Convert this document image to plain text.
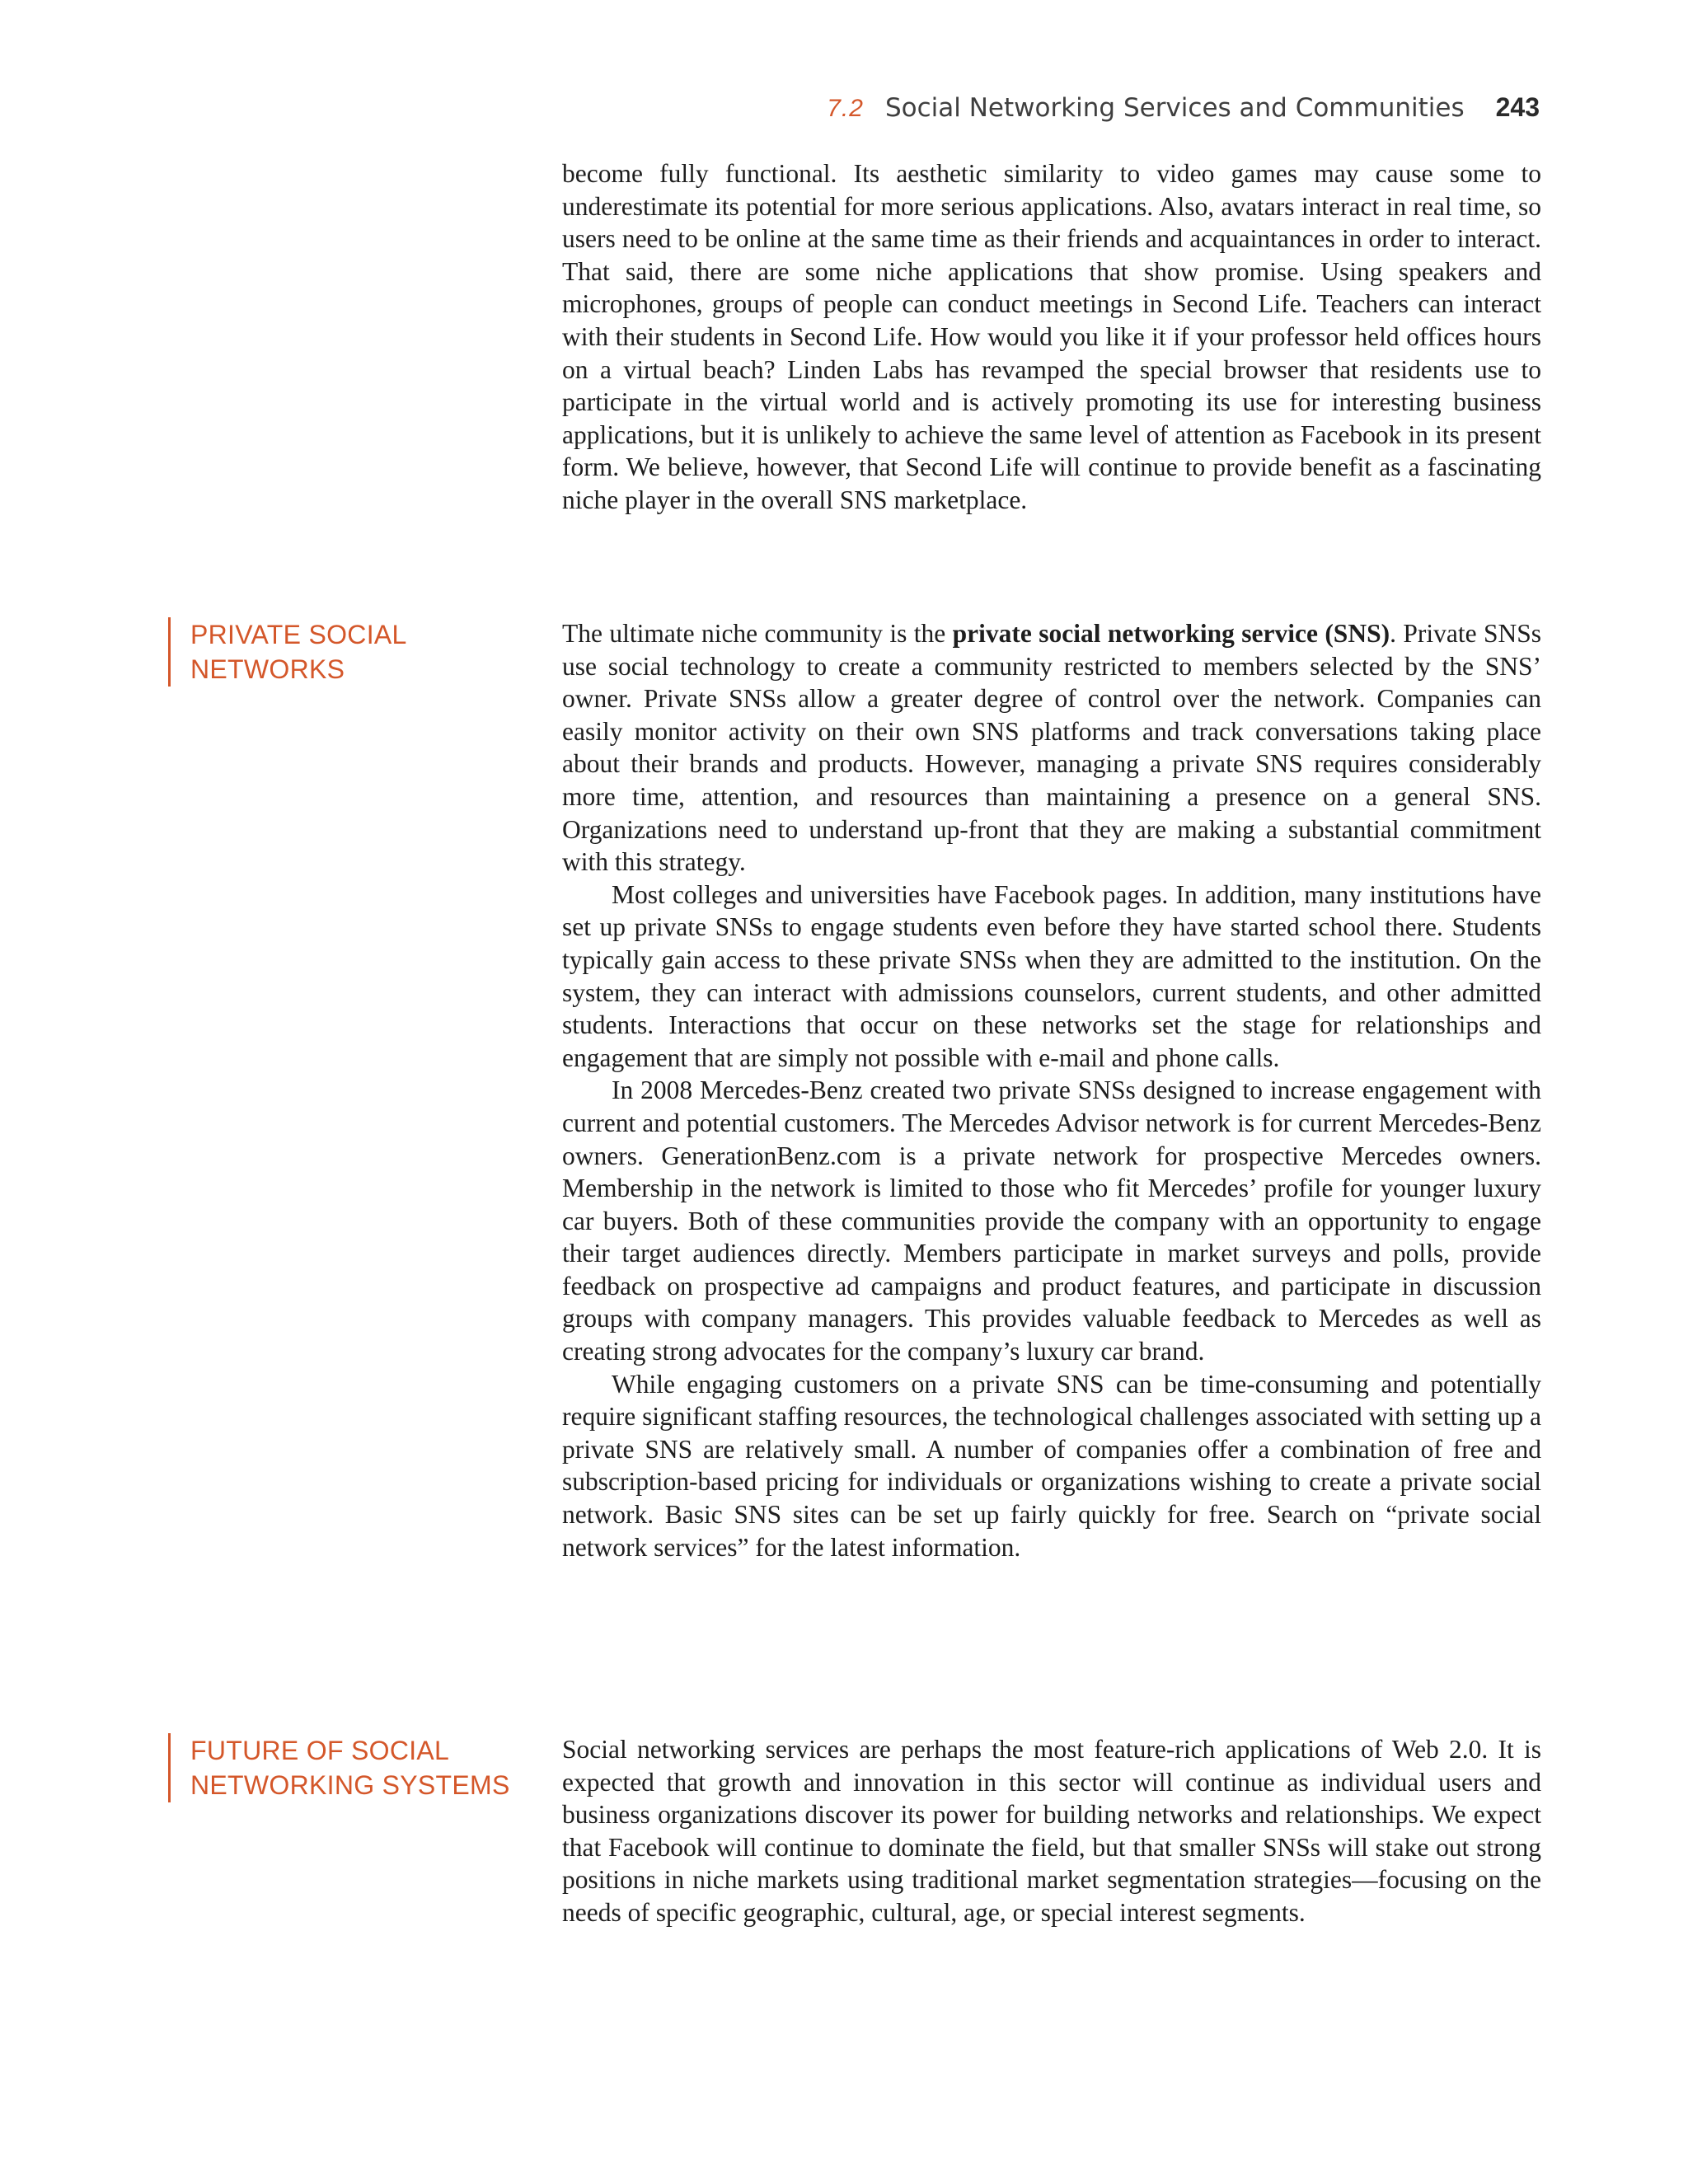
7.2 Social Networking Services and Communities 243

become fully functional. Its aesthetic similarity to video games may cause some to underestimate its potential for more serious applications. Also, avatars interact in real time, so users need to be online at the same time as their friends and acquaintances in order to interact. That said, there are some niche applications that show promise. Using speakers and microphones, groups of people can conduct meetings in Second Life. Teachers can interact with their students in Second Life. How would you like it if your professor held offices hours on a virtual beach? Linden Labs has revamped the special browser that residents use to participate in the virtual world and is actively promoting its use for interesting business applications, but it is unlikely to achieve the same level of attention as Facebook in its present form. We believe, however, that Second Life will continue to provide benefit as a fascinating niche player in the overall SNS marketplace.

PRIVATE SOCIAL
NETWORKS

The ultimate niche community is the private social networking service (SNS). Private SNSs use social technology to create a community restricted to members selected by the SNS’ owner. Private SNSs allow a greater degree of control over the network. Companies can easily monitor activity on their own SNS platforms and track conversations taking place about their brands and products. However, managing a private SNS requires considerably more time, attention, and resources than maintaining a presence on a general SNS. Organizations need to understand up-front that they are making a substantial commitment with this strategy.

Most colleges and universities have Facebook pages. In addition, many institutions have set up private SNSs to engage students even before they have started school there. Students typically gain access to these private SNSs when they are admitted to the institution. On the system, they can interact with admissions counselors, current students, and other admitted students. Interactions that occur on these networks set the stage for relationships and engagement that are simply not possible with e-mail and phone calls.

In 2008 Mercedes-Benz created two private SNSs designed to increase engagement with current and potential customers. The Mercedes Advisor network is for current Mercedes-Benz owners. GenerationBenz.com is a private network for prospective Mercedes owners. Membership in the network is limited to those who fit Mercedes’ profile for younger luxury car buyers. Both of these communities provide the company with an opportunity to engage their target audiences directly. Members participate in market surveys and polls, provide feedback on prospective ad campaigns and product features, and participate in discussion groups with company managers. This provides valuable feedback to Mercedes as well as creating strong advocates for the company’s luxury car brand.

While engaging customers on a private SNS can be time-consuming and potentially require significant staffing resources, the technological challenges associated with setting up a private SNS are relatively small. A number of companies offer a combination of free and subscription-based pricing for individuals or organizations wishing to create a private social network. Basic SNS sites can be set up fairly quickly for free. Search on “private social network services” for the latest information.

FUTURE OF SOCIAL
NETWORKING SYSTEMS

Social networking services are perhaps the most feature-rich applications of Web 2.0. It is expected that growth and innovation in this sector will continue as individual users and business organizations discover its power for building networks and relationships. We expect that Facebook will continue to dominate the field, but that smaller SNSs will stake out strong positions in niche markets using traditional market segmentation strategies—focusing on the needs of specific geographic, cultural, age, or special interest segments.
